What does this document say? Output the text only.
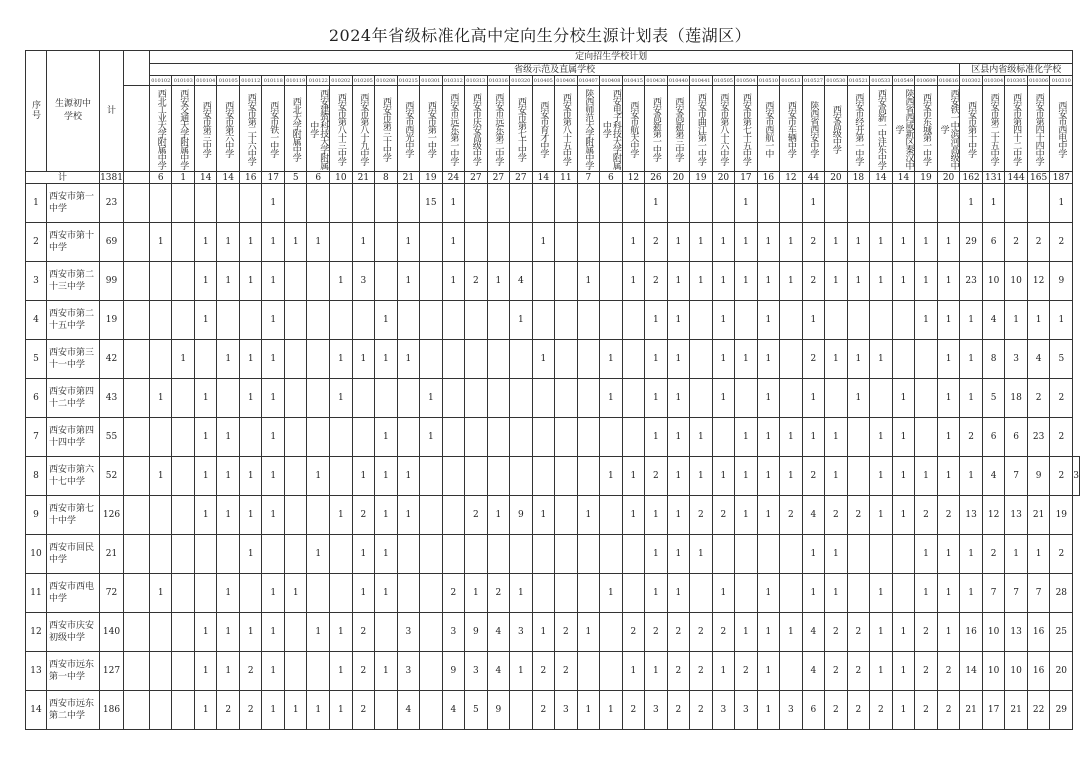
2024年省级标准化高中定向生分校生源计划表（莲湖区）
序号	生源初中学校	计		定向招生学校计划																																									
				省级示范及直属学校																																				区县内省级标准化学校					
				010102	010103	010104	010105	010112	010118	010119	010122	010202	010205	010208	010215	010301	010312	010313	010316	010320	010405	010406	010407	010408	010415	010430	010440	010441	010505	010504	010510	010513	010527	010530	010521	010533	010549	010609	010616	010302	010304	010305	010306	010310	

				西北工业大学附属中学	西安交通大学附属中学	西安市第三中学	西安市第六中学	西安市第二十六中学	西安市铁一中学	西北大学附属中学	西安建筑科技大学附属中学	西安市第八十三中学	西安市第八十九中学	西安市第三十中学	西安市西光中学	西安市第一中学	西安市远东第一中学	西安市庆安高级中学	西安市远东第二中学	西安市第七十中学	西安市育才中学	西安市第八十五中学	陕西师范大学附属中学	西安电子科技大学附属中学	西安市航天中学	西安高新第一中学	西安高新第三中学	西安市曲江第一中学	西安市第八十六中学	西安市第七十五中学	西安市西航一中	西安市车辆中学	陕西省西安中学	西安高级中学	西安市经开第一中学	西安高新一中沣东中学	陕西省西咸新区秦汉中学	西安市东城第一中学	西安铁一中滨河高级中学	西安市第十中学	西安市第二十五中学	西安市第四十二中学	西安市第四十四中学	西安市西电中学	

计		1381		6	1	14	14	16	17	5	6	10	21	8	21	19	24	27	27	27	14	11	7	6	12	26	20	19	20	17	16	12	44	20	18	14	14	19	20	162	131	144	165	187	
1	西安市第一中学	23							1							15	1									1				1			1							1	1			1	
2	西安市第十中学	69		1		1	1	1	1	1	1		1		1		1				1				1	2	1	1	1	1	1	1	2	1	1	1	1	1	1	29	6	2	2	2	
3	西安市第二十三中学	99				1	1	1	1			1	3		1		1	2	1	4			1		1	2	1	1	1	1	1	1	2	1	1	1	1	1	1	23	10	10	12	9	
4	西安市第二十五中学	19				1			1					1						1						1	1		1		1		1					1	1	1	4	1	1	1	
5	西安市第三十一中学	42			1		1	1	1			1	1	1	1						1			1		1	1		1	1	1		2	1	1	1			1	1	8	3	4	5	
6	西安市第四十二中学	43		1		1		1	1			1				1								1		1	1		1		1		1		1		1		1	1	5	18	2	2	
7	西安市第四十四中学	55				1	1		1					1		1										1	1	1		1	1	1	1	1		1	1		1	2	6	6	23	2	
8	西安市第六十七中学	52		1		1	1	1	1		1		1	1	1									1	1	2	1	1	1	1	1	1	2	1		1	1	1	1	1	4	7	9	2	3
9	西安市第七十中学	126				1	1	1	1			1	2	1	1			2	1	9	1		1		1	1	1	2	2	1	1	2	4	2	2	1	1	2	2	13	12	13	21	19	
10	西安市回民中学	21						1			1		1	1												1	1	1					1	1				1	1	1	2	1	1	2	
11	西安市西电中学	72		1			1		1	1			1	1			2	1	2	1				1		1	1		1		1		1	1		1		1	1	1	7	7	7	28	
12	西安市庆安初级中学	140				1	1	1	1		1	1	2		3		3	9	4	3	1	2	1		2	2	2	2	2	1	1	1	4	2	2	1	1	2	1	16	10	13	16	25	
13	西安市远东第一中学	127				1	1	2	1			1	2	1	3		9	3	4	1	2	2			1	1	2	2	1	2	1		4	2	2	1	1	2	2	14	10	10	16	20	
14	西安市远东第二中学	186				1	2	2	1	1	1	1	2		4		4	5	9		2	3	1	1	2	3	2	2	3	3	1	3	6	2	2	2	1	2	2	21	17	21	22	29	
